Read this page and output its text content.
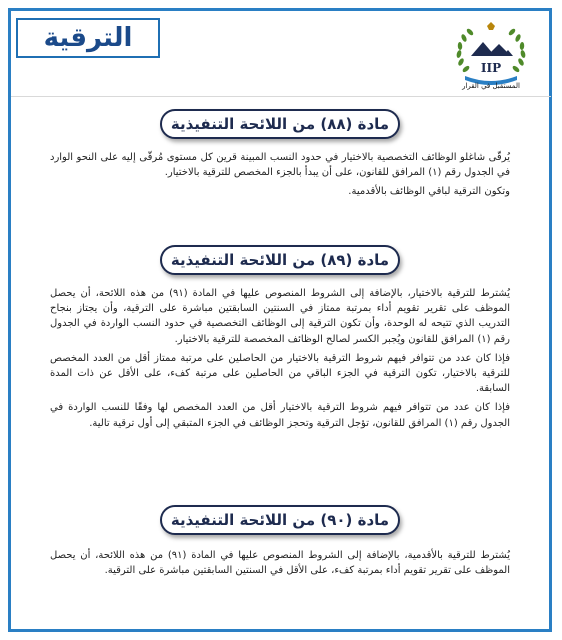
الترقية
IIP
المستقبل في القرار
مادة (٨٨) من اللائحة التنفيذية

يُرقّى شاغلو الوظائف التخصصية بالاختيار في حدود النسب المبينة قرين كل مستوى مُرقّى إليه على النحو الوارد في الجدول رقم (١) المرافق للقانون، على أن يبدأ بالجزء المخصص للترقية بالاختيار.

وتكون الترقية لباقي الوظائف بالأقدمية.

مادة (٨٩) من اللائحة التنفيذية

يُشترط للترقية بالاختيار، بالإضافة إلى الشروط المنصوص عليها في المادة (٩١) من هذه اللائحة، أن يحصل الموظف على تقرير تقويم أداء بمرتبة ممتاز في السنتين السابقتين مباشرة على الترقية، وأن يجتاز بنجاح التدريب الذي تتيحه له الوحدة، وأن تكون الترقية إلى الوظائف التخصصية في حدود النسب الواردة في الجدول رقم (١) المرافق للقانون ويُجبر الكسر لصالح الوظائف المخصصة للترقية بالاختيار.

فإذا كان عدد من تتوافر فيهم شروط الترقية بالاختيار من الحاصلين على مرتبة ممتاز أقل من العدد المخصص للترقية بالاختيار، تكون الترقية في الجزء الباقي من الحاصلين على مرتبة كفء، على الأقل عن ذات المدة السابقة.

فإذا كان عدد من تتوافر فيهم شروط الترقية بالاختيار أقل من العدد المخصص لها وفقًا للنسب الواردة في الجدول رقم (١) المرافق للقانون، تؤجل الترقية وتحجز الوظائف في الجزء المتبقي إلى أول ترقية تالية.

مادة (٩٠) من اللائحة التنفيذية

يُشترط للترقية بالأقدمية، بالإضافة إلى الشروط المنصوص عليها في المادة (٩١) من هذه اللائحة، أن يحصل الموظف على تقرير تقويم أداء بمرتبة كفء، على الأقل في السنتين السابقتين مباشرة على الترقية.
